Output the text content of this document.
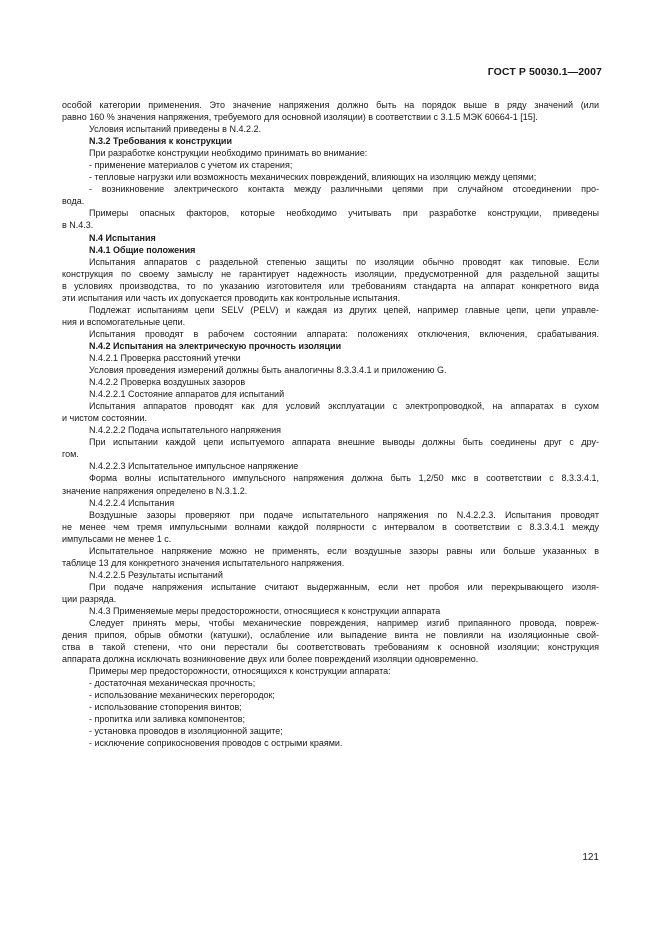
ГОСТ Р 50030.1—2007
особой категории применения. Это значение напряжения должно быть на порядок выше в ряду значений (или
равно 160 % значения напряжения, требуемого для основной изоляции) в соответствии с 3.1.5 МЭК 60664-1 [15].
Условия испытаний приведены в N.4.2.2.
N.3.2 Требования к конструкции
При разработке конструкции необходимо принимать во внимание:
- применение материалов с учетом их старения;
- тепловые нагрузки или возможность механических повреждений, влияющих на изоляцию между цепями;
- возникновение электрического контакта между различными цепями при случайном отсоединении про-
вода.
Примеры опасных факторов, которые необходимо учитывать при разработке конструкции, приведены
в N.4.3.
N.4 Испытания
N.4.1 Общие положения
Испытания аппаратов с раздельной степенью защиты по изоляции обычно проводят как типовые. Если
конструкция по своему замыслу не гарантирует надежность изоляции, предусмотренной для раздельной защиты
в условиях производства, то по указанию изготовителя или требованиям стандарта на аппарат конкретного вида
эти испытания или часть их допускается проводить как контрольные испытания.
Подлежат испытаниям цепи SELV (PELV) и каждая из других цепей, например главные цепи, цепи управле-
ния и вспомогательные цепи.
Испытания проводят в рабочем состоянии аппарата: положениях отключения, включения, срабатывания.
N.4.2 Испытания на электрическую прочность изоляции
N.4.2.1 Проверка расстояний утечки
Условия проведения измерений должны быть аналогичны 8.3.3.4.1 и приложению G.
N.4.2.2 Проверка воздушных зазоров
N.4.2.2.1 Состояние аппаратов для испытаний
Испытания аппаратов проводят как для условий эксплуатации с электропроводкой, на аппаратах в сухом
и чистом состоянии.
N.4.2.2.2 Подача испытательного напряжения
При испытании каждой цепи испытуемого аппарата внешние выводы должны быть соединены друг с дру-
гом.
N.4.2.2.3 Испытательное импульсное напряжение
Форма волны испытательного импульсного напряжения должна быть 1,2/50 мкс в соответствии с 8.3.3.4.1,
значение напряжения определено в N.3.1.2.
N.4.2.2.4 Испытания
Воздушные зазоры проверяют при подаче испытательного напряжения по N.4.2.2.3. Испытания проводят
не менее чем тремя импульсными волнами каждой полярности с интервалом в соответствии с 8.3.3.4.1 между
импульсами не менее 1 с.
Испытательное напряжение можно не применять, если воздушные зазоры равны или больше указанных в
таблице 13 для конкретного значения испытательного напряжения.
N.4.2.2.5 Результаты испытаний
При подаче напряжения испытание считают выдержанным, если нет пробоя или перекрывающего изоля-
ции разряда.
N.4.3 Применяемые меры предосторожности, относящиеся к конструкции аппарата
Следует принять меры, чтобы механические повреждения, например изгиб припаянного провода, повреж-
дения припоя, обрыв обмотки (катушки), ослабление или выпадение винта не повлияли на изоляционные свой-
ства в такой степени, что они перестали бы соответствовать требованиям к основной изоляции; конструкция
аппарата должна исключать возникновение двух или более повреждений изоляции одновременно.
Примеры мер предосторожности, относящихся к конструкции аппарата:
- достаточная механическая прочность;
- использование механических перегородок;
- использование стопорения винтов;
- пропитка или заливка компонентов;
- установка проводов в изоляционной защите;
- исключение соприкосновения проводов с острыми краями.
121
